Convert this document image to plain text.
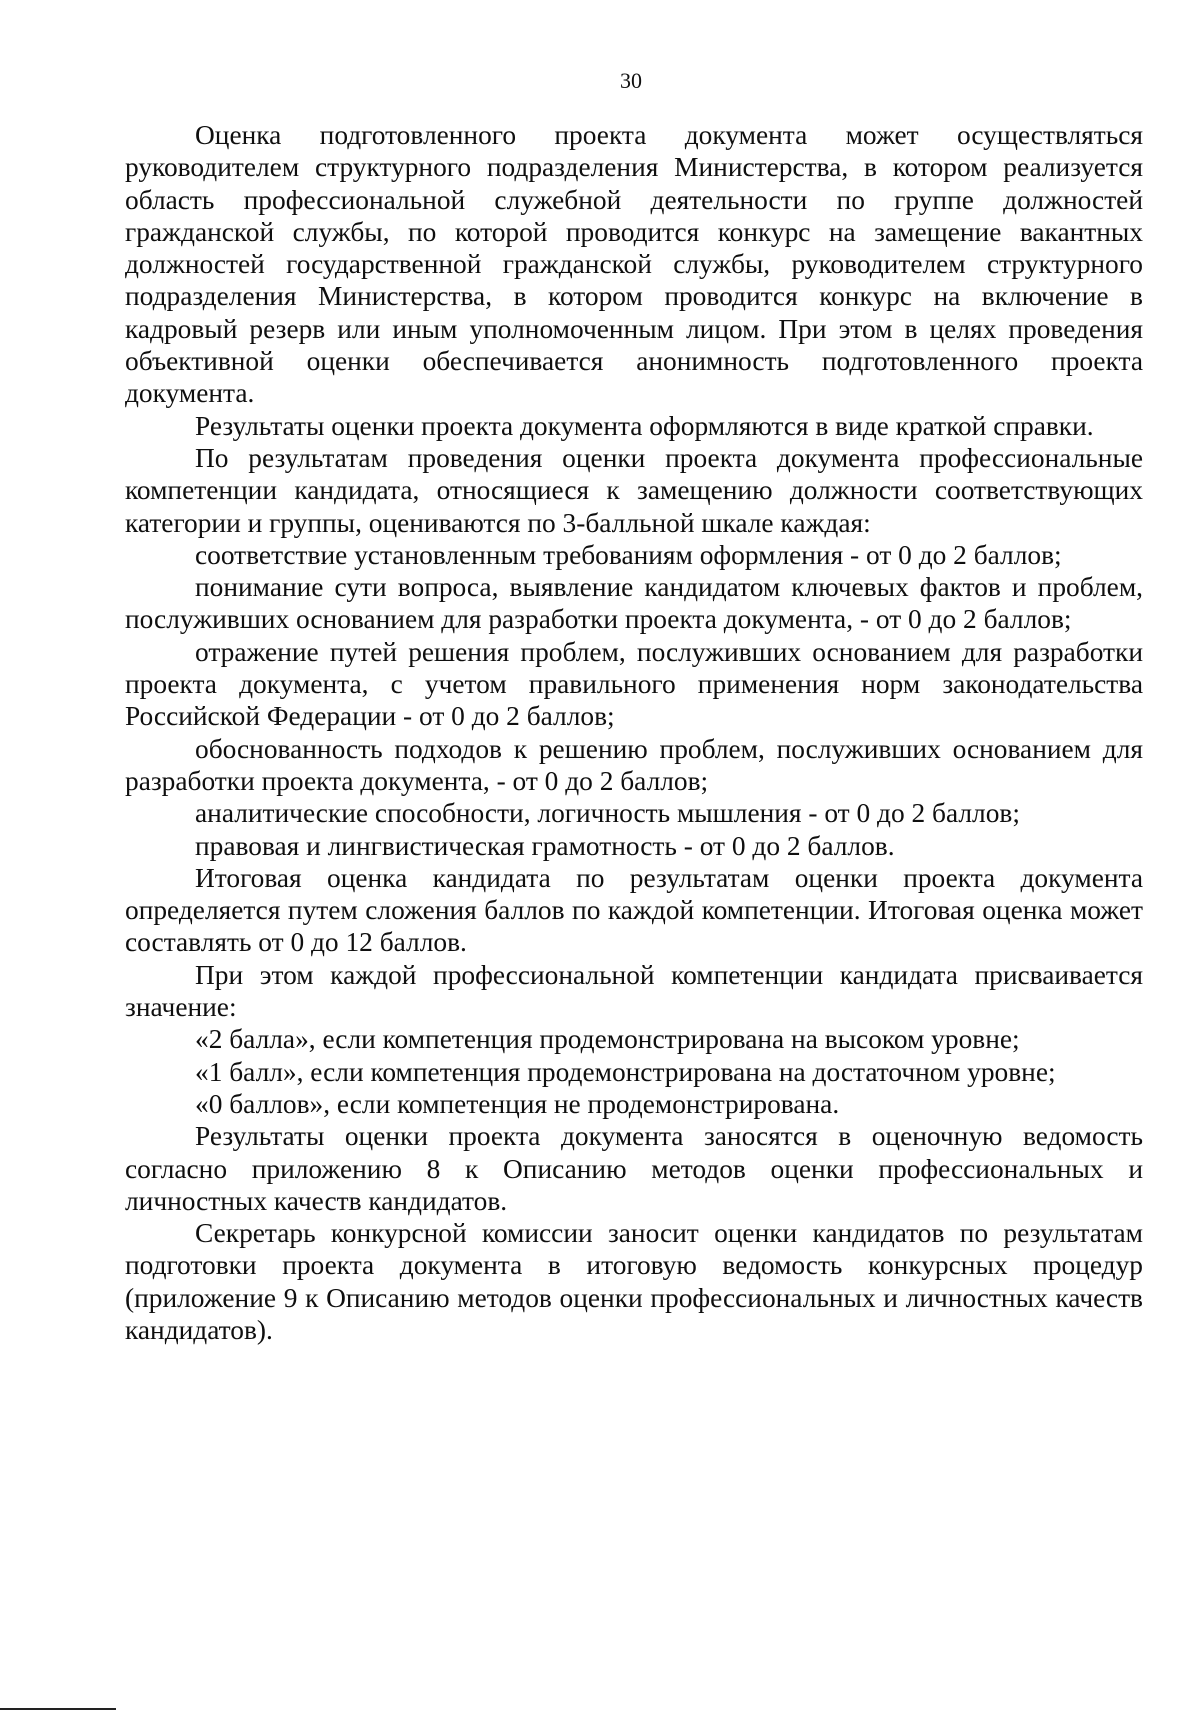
30

Оценка подготовленного проекта документа может осуществляться руководителем структурного подразделения Министерства, в котором реализуется область профессиональной служебной деятельности по группе должностей гражданской службы, по которой проводится конкурс на замещение вакантных должностей государственной гражданской службы, руководителем структурного подразделения Министерства, в котором проводится конкурс на включение в кадровый резерв или иным уполномоченным лицом. При этом в целях проведения объективной оценки обеспечивается анонимность подготовленного проекта документа.

Результаты оценки проекта документа оформляются в виде краткой справки.

По результатам проведения оценки проекта документа профессиональные компетенции кандидата, относящиеся к замещению должности соответствующих категории и группы, оцениваются по 3-балльной шкале каждая:

соответствие установленным требованиям оформления - от 0 до 2 баллов;

понимание сути вопроса, выявление кандидатом ключевых фактов и проблем, послуживших основанием для разработки проекта документа, - от 0 до 2 баллов;

отражение путей решения проблем, послуживших основанием для разработки проекта документа, с учетом правильного применения норм законодательства Российской Федерации - от 0 до 2 баллов;

обоснованность подходов к решению проблем, послуживших основанием для разработки проекта документа, - от 0 до 2 баллов;

аналитические способности, логичность мышления - от 0 до 2 баллов;

правовая и лингвистическая грамотность - от 0 до 2 баллов.

Итоговая оценка кандидата по результатам оценки проекта документа определяется путем сложения баллов по каждой компетенции. Итоговая оценка может составлять от 0 до 12 баллов.

При этом каждой профессиональной компетенции кандидата присваивается значение:

«2 балла», если компетенция продемонстрирована на высоком уровне;

«1 балл», если компетенция продемонстрирована на достаточном уровне;

«0 баллов», если компетенция не продемонстрирована.

Результаты оценки проекта документа заносятся в оценочную ведомость согласно приложению 8 к Описанию методов оценки профессиональных и личностных качеств кандидатов.

Секретарь конкурсной комиссии заносит оценки кандидатов по результатам подготовки проекта документа в итоговую ведомость конкурсных процедур (приложение 9 к Описанию методов оценки профессиональных и личностных качеств кандидатов).
